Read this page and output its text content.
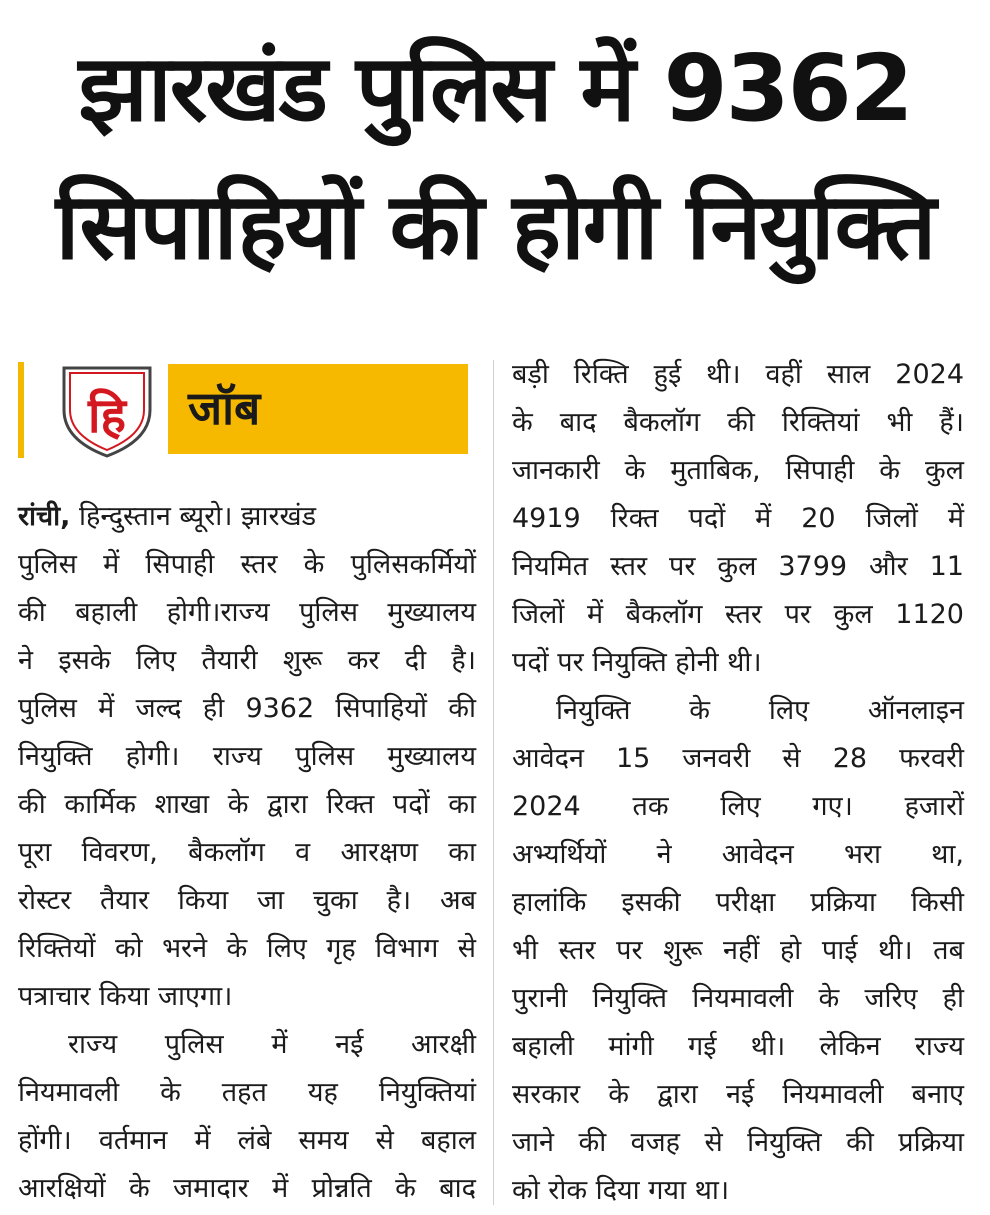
झारखंड पुलिस में 9362
सिपाहियों की होगी नियुक्ति
हि जॉब
रांची, हिन्दुस्तान ब्यूरो। झारखंड
पुलिस में सिपाही स्तर के पुलिसकर्मियों
की बहाली होगी।राज्य पुलिस मुख्यालय
ने इसके लिए तैयारी शुरू कर दी है।
पुलिस में जल्द ही 9362 सिपाहियों की
नियुक्ति होगी। राज्य पुलिस मुख्यालय
की कार्मिक शाखा के द्वारा रिक्त पदों का
पूरा विवरण, बैकलॉग व आरक्षण का
रोस्टर तैयार किया जा चुका है। अब
रिक्तियों को भरने के लिए गृह विभाग से
पत्राचार किया जाएगा।
राज्य पुलिस में नई आरक्षी
नियमावली के तहत यह नियुक्तियां
होंगी। वर्तमान में लंबे समय से बहाल
आरक्षियों के जमादार में प्रोन्नति के बाद
बड़ी रिक्ति हुई थी। वहीं साल 2024
के बाद बैकलॉग की रिक्तियां भी हैं।
जानकारी के मुताबिक, सिपाही के कुल
4919 रिक्त पदों में 20 जिलों में
नियमित स्तर पर कुल 3799 और 11
जिलों में बैकलॉग स्तर पर कुल 1120
पदों पर नियुक्ति होनी थी।
नियुक्ति के लिए ऑनलाइन
आवेदन 15 जनवरी से 28 फरवरी
2024 तक लिए गए। हजारों
अभ्यर्थियों ने आवेदन भरा था,
हालांकि इसकी परीक्षा प्रक्रिया किसी
भी स्तर पर शुरू नहीं हो पाई थी। तब
पुरानी नियुक्ति नियमावली के जरिए ही
बहाली मांगी गई थी। लेकिन राज्य
सरकार के द्वारा नई नियमावली बनाए
जाने की वजह से नियुक्ति की प्रक्रिया
को रोक दिया गया था।
